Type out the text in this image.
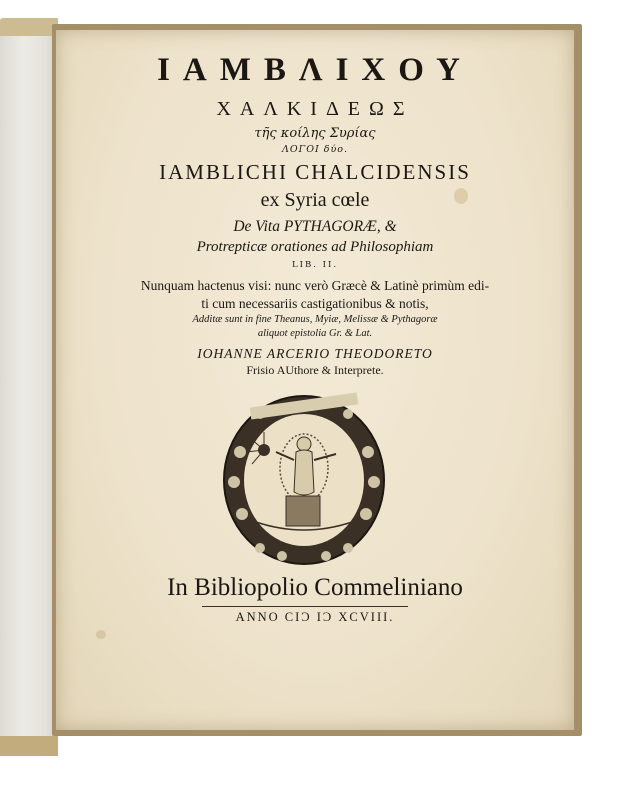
ΙΑΜΒΛΙΧΟΥ
ΧΑΛΚΙΔΕΩΣ
τῆς κοίλης Συρίας
ΛΟΓΟΙ δύο.
IAMBLICHI CHALCIDENSIS
ex Syria cœle
De Vita PYTHAGORÆ, &
Protrepticæ orationes ad Philosophiam
LIB. II.
Nunquam hactenus visi: nunc verò Græcè & Latinè primùm edi-
ti cum necessariis castigationibus & notis,
Additæ sunt in fine Theanus, Myiæ, Melissæ & Pythagoræ
aliquot epistolia Gr. & Lat.
IOHANNE ARCERIO THEODORETO
Frisio AUthore & Interprete.
In Bibliopolio Commeliniano
ANNO CIƆ IƆ XCVIII.
